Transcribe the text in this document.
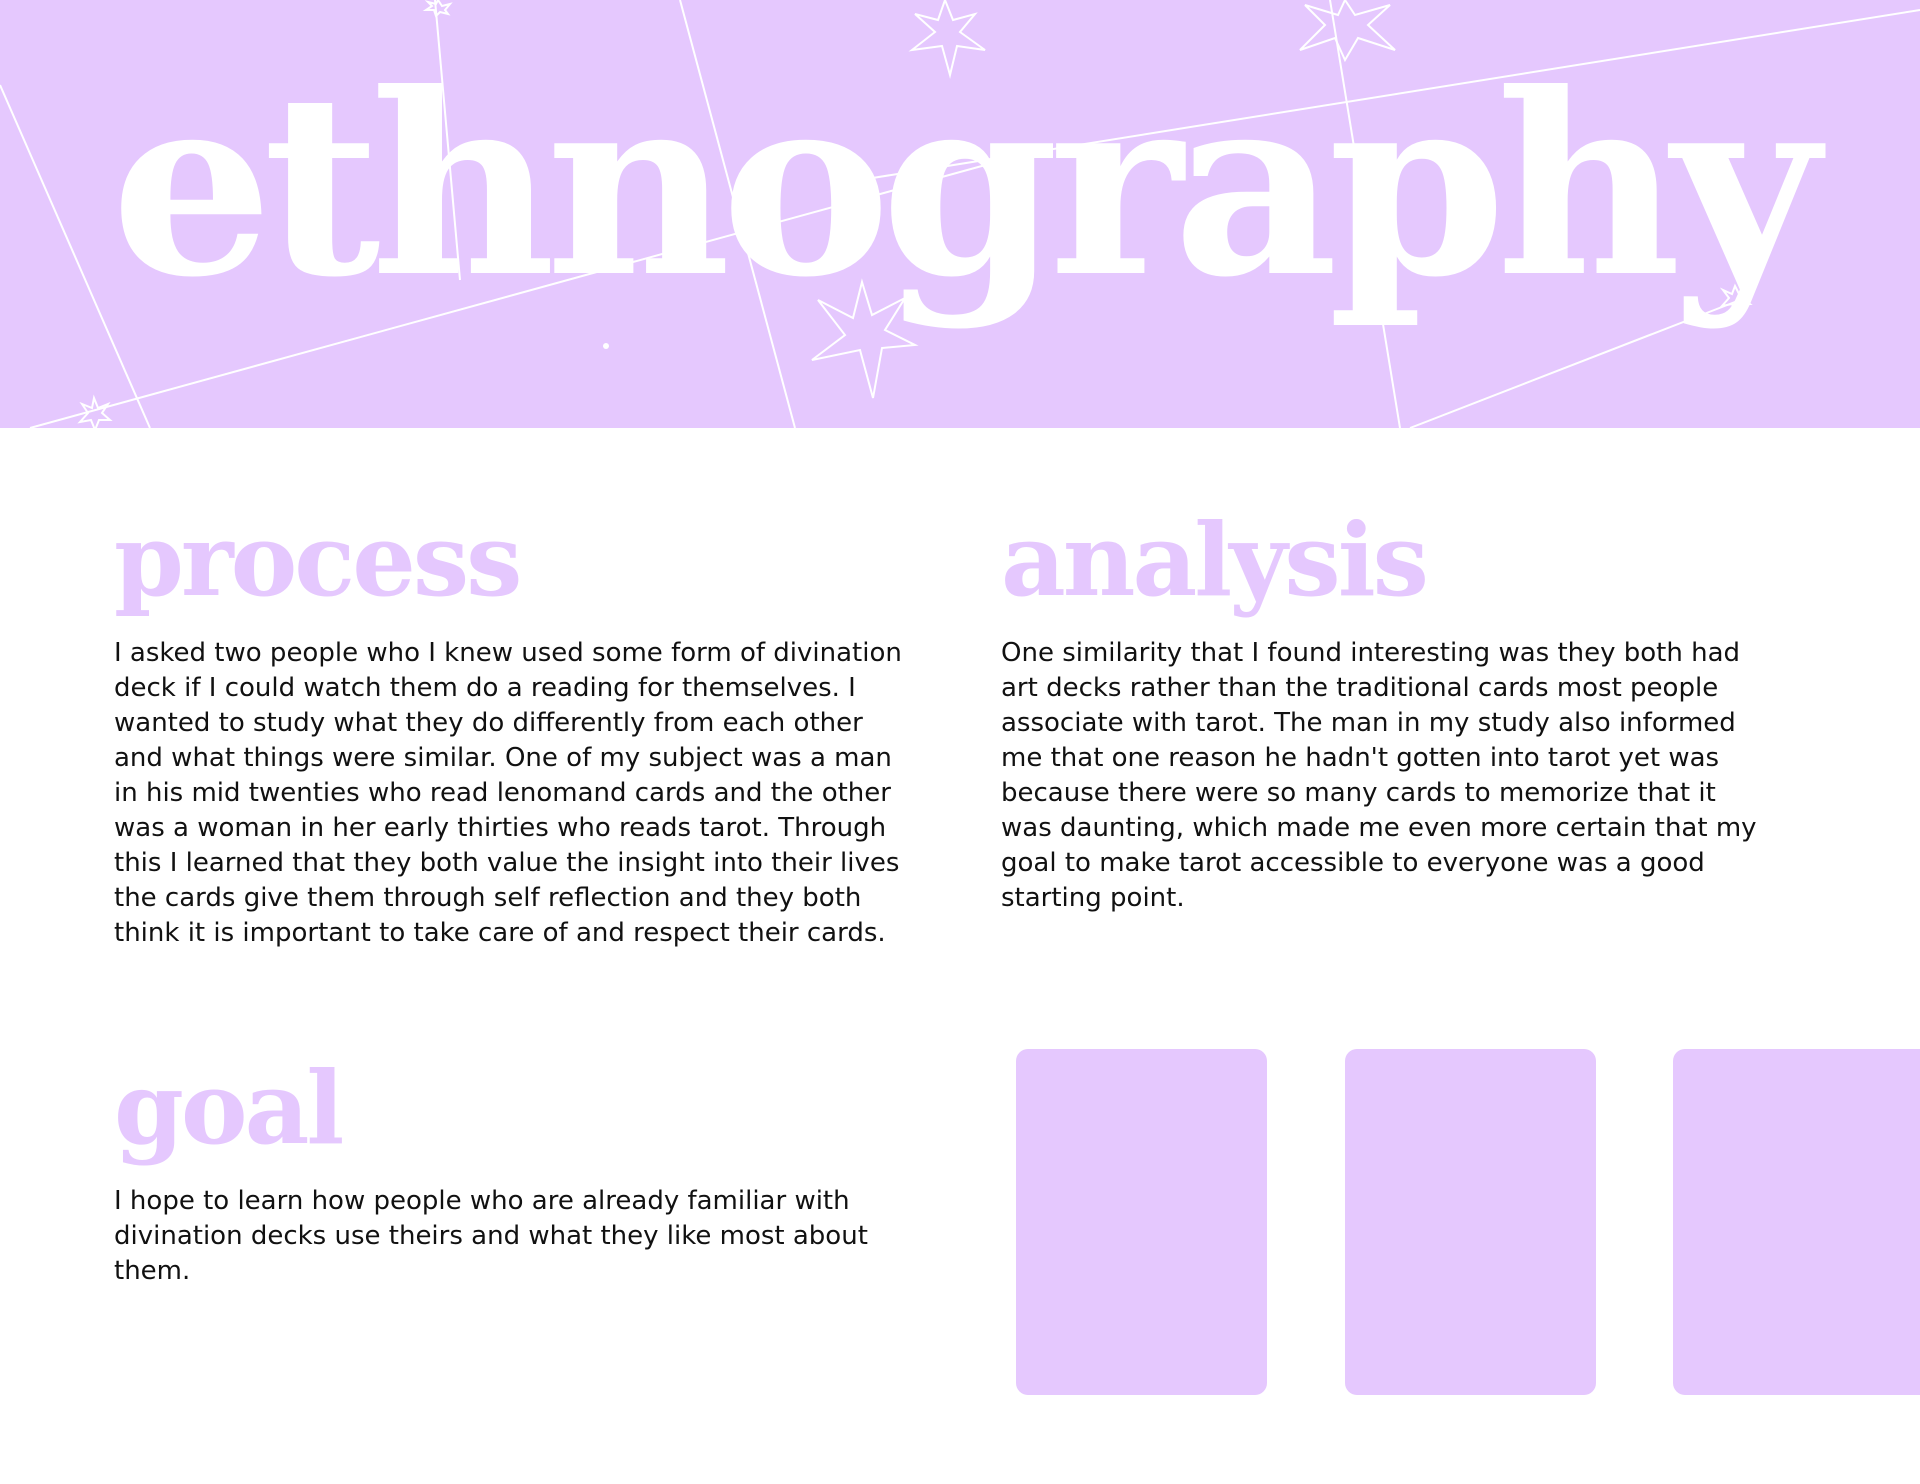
ethnography
process

I asked two people who I knew used some form of divination deck if I could watch them do a reading for themselves. I wanted to study what they do differently from each other and what things were similar. One of my subject was a man in his mid twenties who read lenomand cards and the other was a woman in her early thirties who reads tarot. Through this I learned that they both value the insight into their lives the cards give them through self reflection and they both think it is important to take care of and respect their cards.

analysis

One similarity that I found interesting was they both had art decks rather than the traditional cards most people associate with tarot. The man in my study also informed me that one reason he hadn't gotten into tarot yet was because there were so many cards to memorize that it was daunting, which made me even more certain that my goal to make tarot accessible to everyone was a good starting point.

goal

I hope to learn how people who are already familiar with divination decks use theirs and what they like most about them.
